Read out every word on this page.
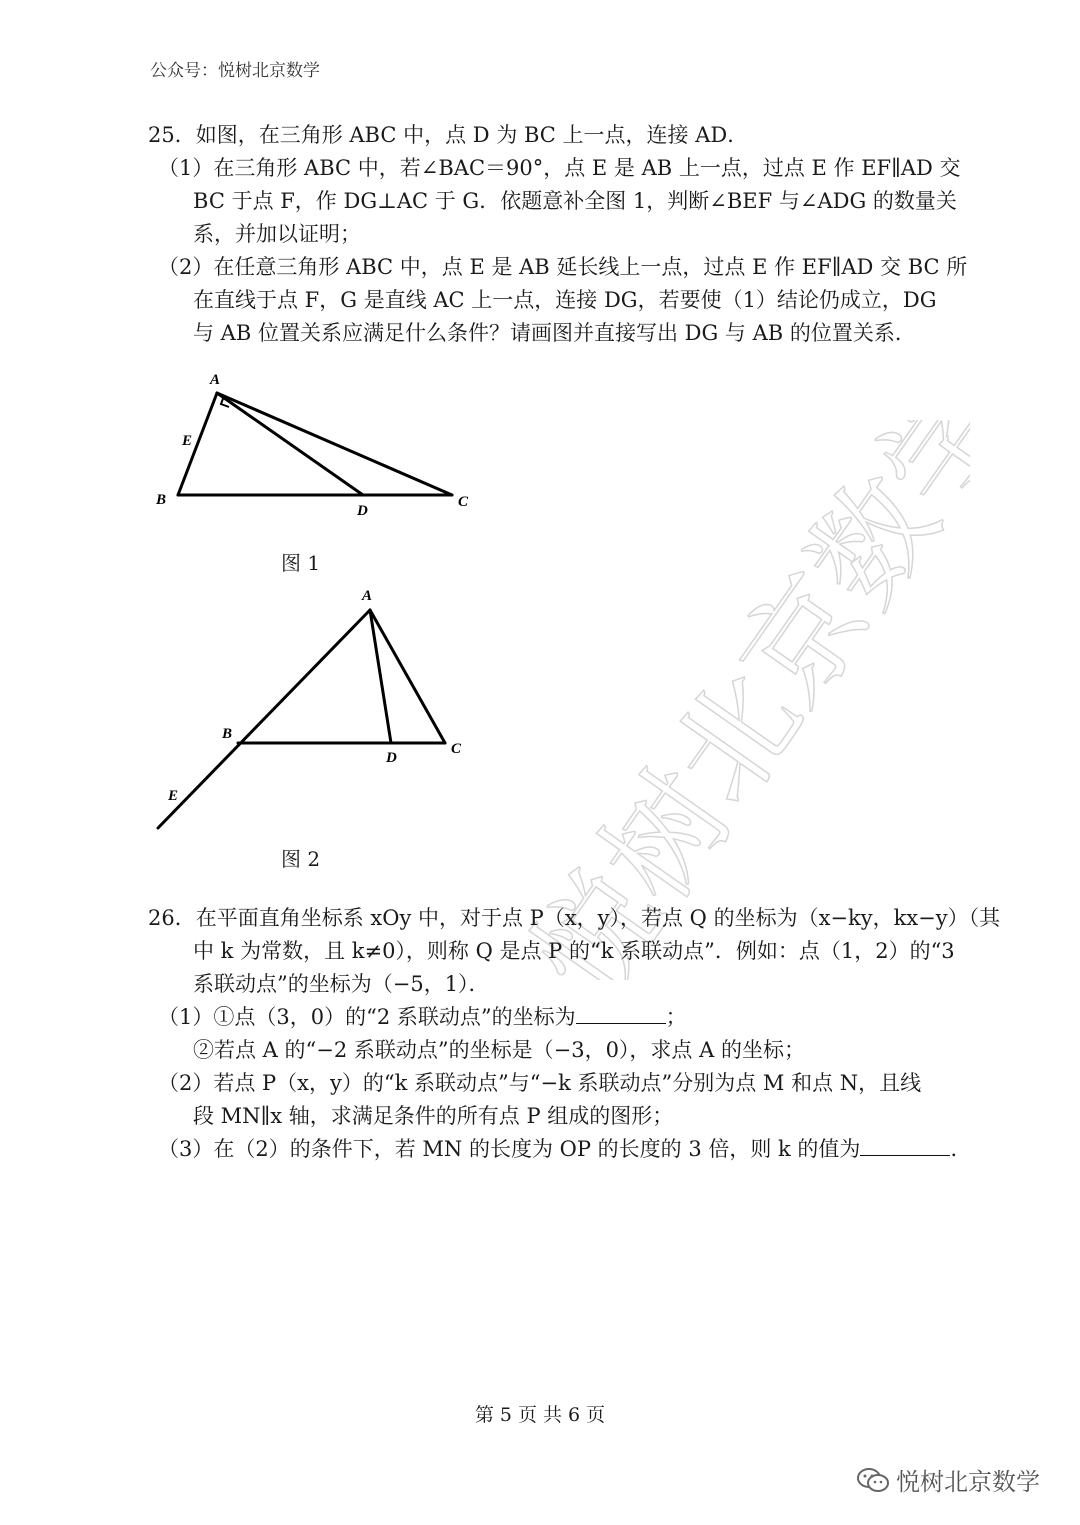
公众号：悦树北京数学
悦树北京数学
25．如图，在三角形 ABC 中，点 D 为 BC 上一点，连接 AD．
（1）在三角形 ABC 中，若∠BAC＝90°，点 E 是 AB 上一点，过点 E 作 EF∥AD 交
BC 于点 F，作 DG⊥AC 于 G．依题意补全图 1，判断∠BEF 与∠ADG 的数量关
系，并加以证明；
（2）在任意三角形 ABC 中，点 E 是 AB 延长线上一点，过点 E 作 EF∥AD 交 BC 所
在直线于点 F，G 是直线 AC 上一点，连接 DG，若要使（1）结论仍成立，DG
与 AB 位置关系应满足什么条件？请画图并直接写出 DG 与 AB 的位置关系．
A
E
B
D
C
图 1
A
B
D
C
E
图 2
26．在平面直角坐标系 xOy 中，对于点 P（x，y），若点 Q 的坐标为（x−ky，kx−y）（其
中 k 为常数，且 k≠0），则称 Q 是点 P 的“k 系联动点”．例如：点（1，2）的“3
系联动点”的坐标为（−5，1）．
（1）①点（3，0）的“2 系联动点”的坐标为	；
②若点 A 的“−2 系联动点”的坐标是（−3，0），求点 A 的坐标；
（2）若点 P（x，y）的“k 系联动点”与“−k 系联动点”分别为点 M 和点 N，且线
段 MN∥x 轴，求满足条件的所有点 P 组成的图形；
（3）在（2）的条件下，若 MN 的长度为 OP 的长度的 3 倍，则 k 的值为	．
第 5 页 共 6 页
悦树北京数学
